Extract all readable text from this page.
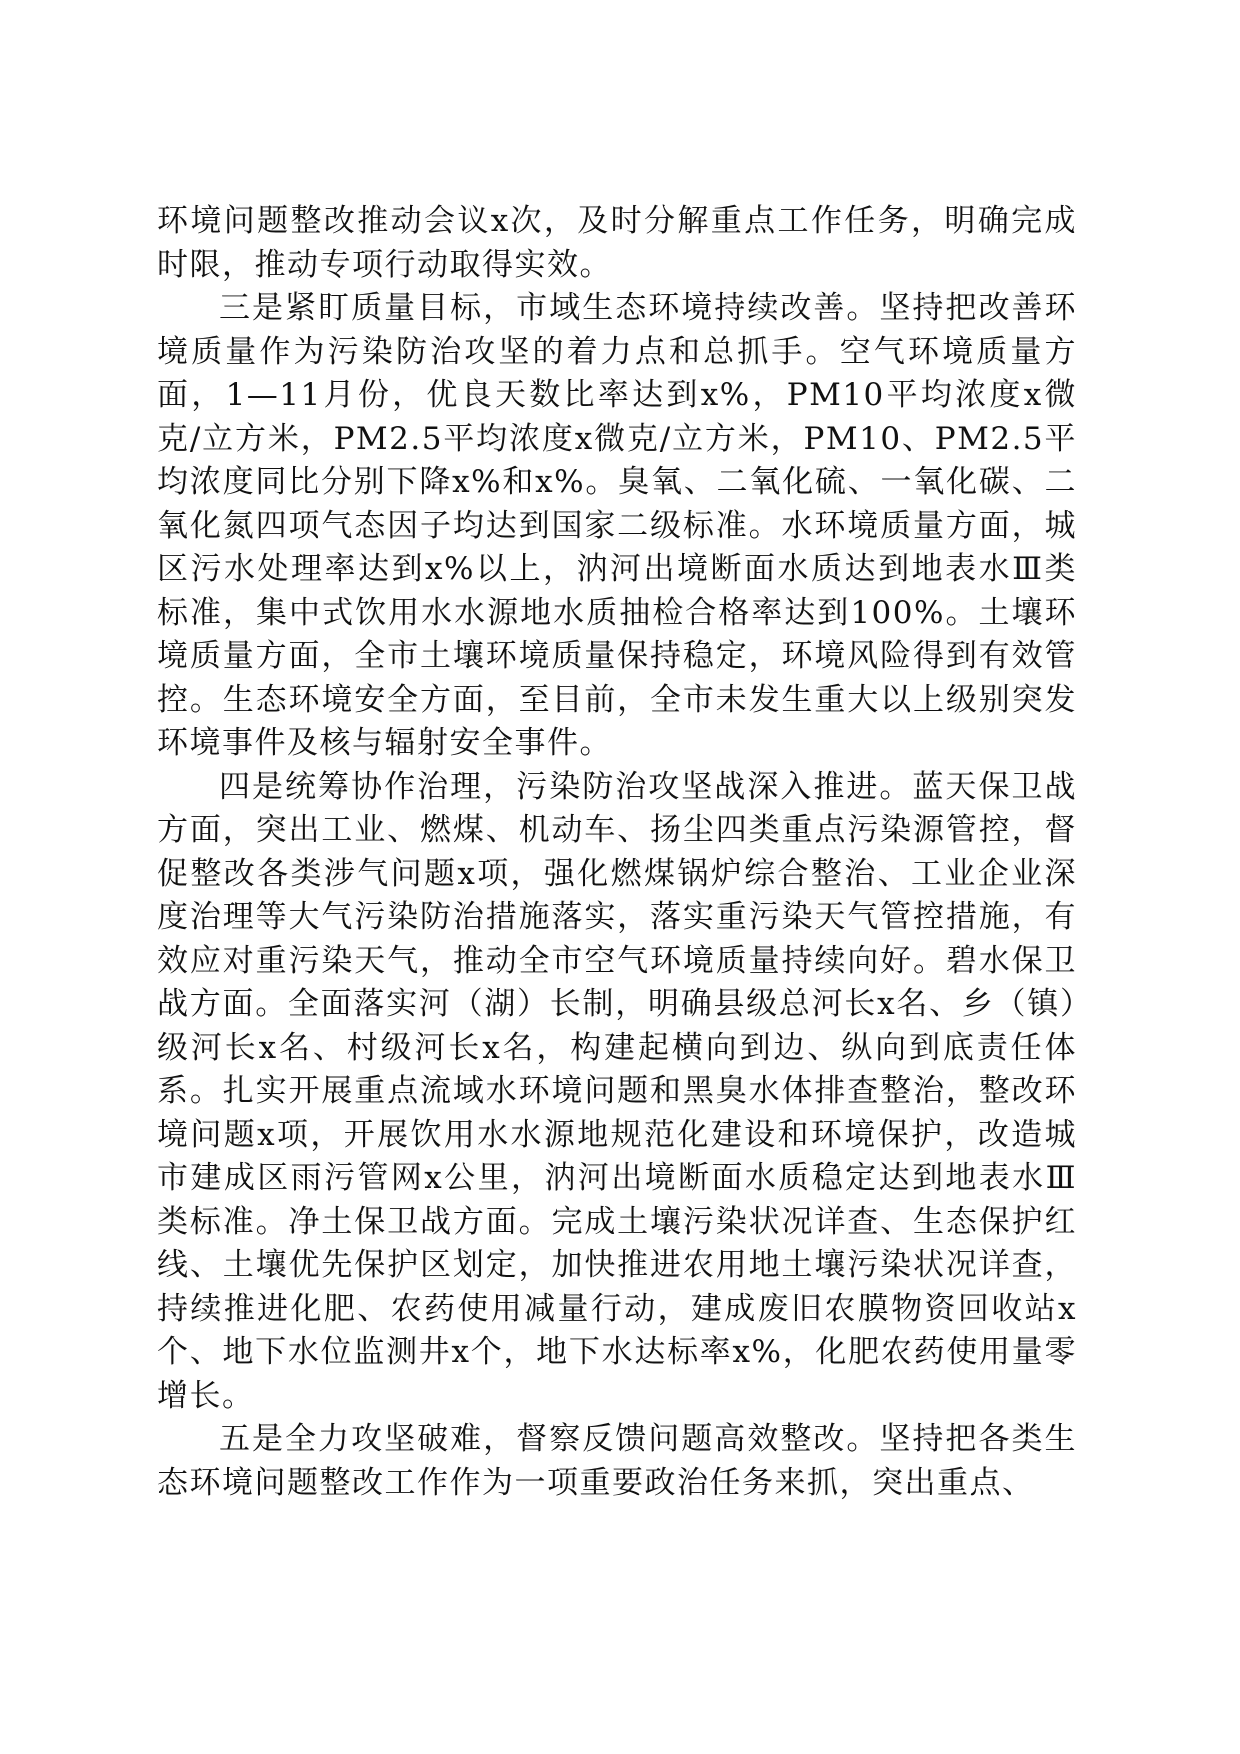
环境问题整改推动会议x次，及时分解重点工作任务，明确完成时限，推动专项行动取得实效。

三是紧盯质量目标，市域生态环境持续改善。坚持把改善环境质量作为污染防治攻坚的着力点和总抓手。空气环境质量方面，1—11月份，优良天数比率达到x%，PM10平均浓度x微克/立方米，PM2.5平均浓度x微克/立方米，PM10、PM2.5平均浓度同比分别下降x%和x%。臭氧、二氧化硫、一氧化碳、二氧化氮四项气态因子均达到国家二级标准。水环境质量方面，城区污水处理率达到x%以上，汭河出境断面水质达到地表水Ⅲ类标准，集中式饮用水水源地水质抽检合格率达到100%。土壤环境质量方面，全市土壤环境质量保持稳定，环境风险得到有效管控。生态环境安全方面，至目前，全市未发生重大以上级别突发环境事件及核与辐射安全事件。

四是统筹协作治理，污染防治攻坚战深入推进。蓝天保卫战方面，突出工业、燃煤、机动车、扬尘四类重点污染源管控，督促整改各类涉气问题x项，强化燃煤锅炉综合整治、工业企业深度治理等大气污染防治措施落实，落实重污染天气管控措施，有效应对重污染天气，推动全市空气环境质量持续向好。碧水保卫战方面。全面落实河（湖）长制，明确县级总河长x名、乡（镇）级河长x名、村级河长x名，构建起横向到边、纵向到底责任体系。扎实开展重点流域水环境问题和黑臭水体排查整治，整改环境问题x项，开展饮用水水源地规范化建设和环境保护，改造城市建成区雨污管网x公里，汭河出境断面水质稳定达到地表水Ⅲ类标准。净土保卫战方面。完成土壤污染状况详查、生态保护红线、土壤优先保护区划定，加快推进农用地土壤污染状况详查，持续推进化肥、农药使用减量行动，建成废旧农膜物资回收站x个、地下水位监测井x个，地下水达标率x%，化肥农药使用量零增长。

五是全力攻坚破难，督察反馈问题高效整改。坚持把各类生态环境问题整改工作作为一项重要政治任务来抓，突出重点、
